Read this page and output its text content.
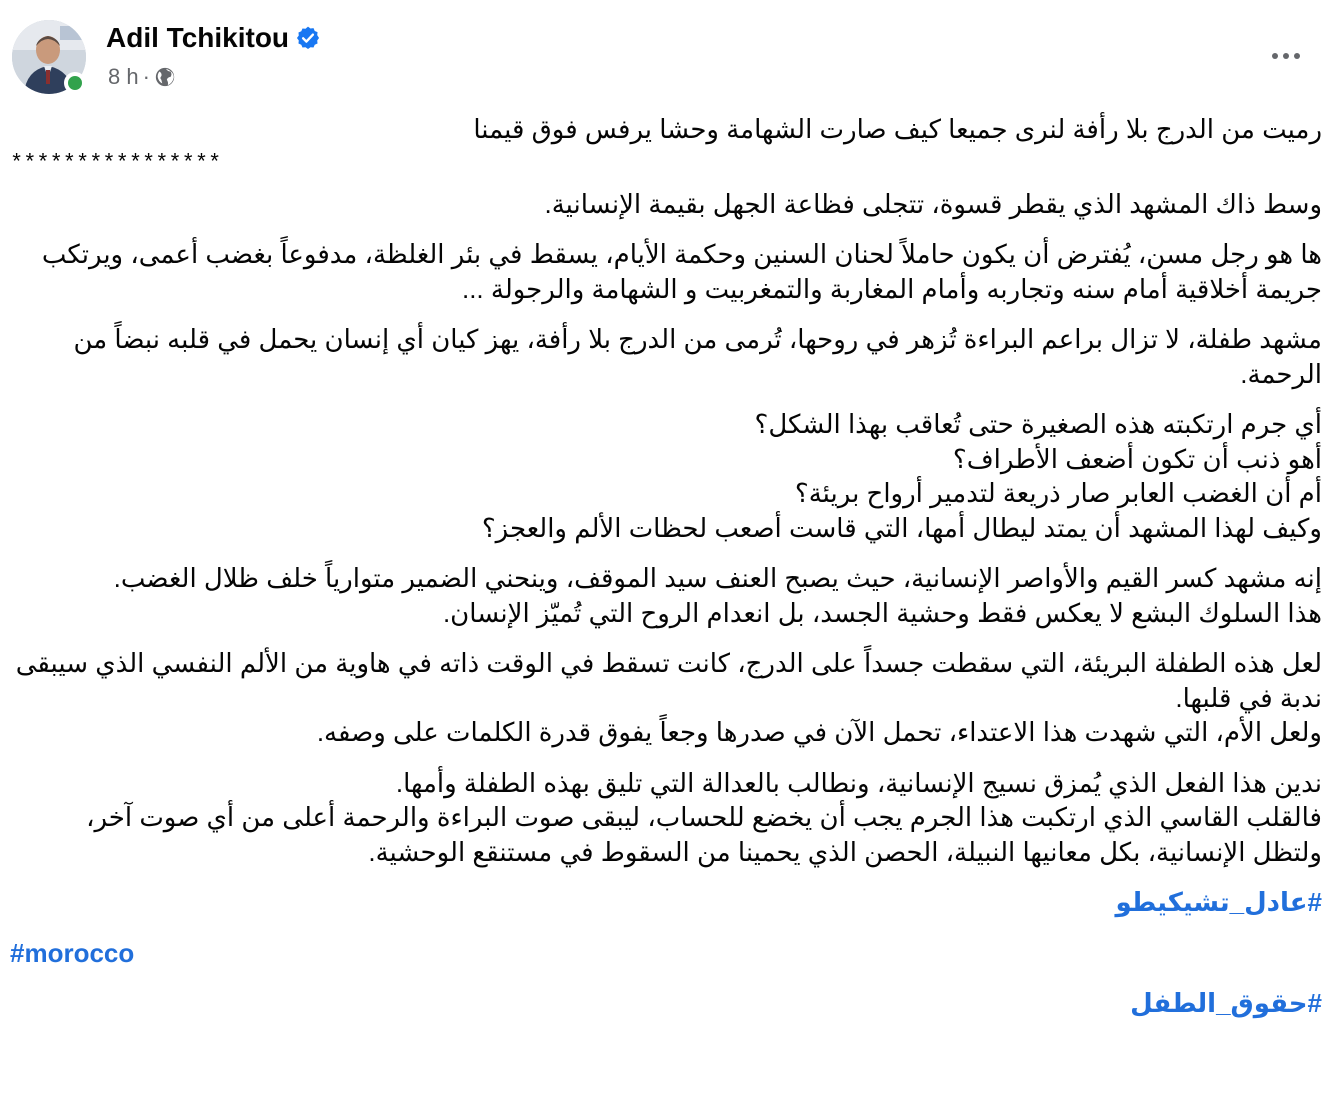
Adil Tchikitou
8 h ·
رميت من الدرج بلا رأفة لنرى جميعا كيف صارت الشهامة وحشا يرفس فوق قيمنا
****************
وسط ذاك المشهد الذي يقطر قسوة، تتجلى فظاعة الجهل بقيمة الإنسانية.
ها هو رجل مسن، يُفترض أن يكون حاملاً لحنان السنين وحكمة الأيام، يسقط في بئر الغلظة، مدفوعاً بغضب أعمى، ويرتكب جريمة أخلاقية أمام سنه وتجاربه وأمام المغاربة والتمغربيت و الشهامة والرجولة ...
مشهد طفلة، لا تزال براعم البراءة تُزهر في روحها، تُرمى من الدرج بلا رأفة، يهز كيان أي إنسان يحمل في قلبه نبضاً من الرحمة.
أي جرم ارتكبته هذه الصغيرة حتى تُعاقب بهذا الشكل؟
أهو ذنب أن تكون أضعف الأطراف؟
أم أن الغضب العابر صار ذريعة لتدمير أرواح بريئة؟
وكيف لهذا المشهد أن يمتد ليطال أمها، التي قاست أصعب لحظات الألم والعجز؟
إنه مشهد كسر القيم والأواصر الإنسانية، حيث يصبح العنف سيد الموقف، وينحني الضمير متوارياً خلف ظلال الغضب.
هذا السلوك البشع لا يعكس فقط وحشية الجسد، بل انعدام الروح التي تُميّز الإنسان.
لعل هذه الطفلة البريئة، التي سقطت جسداً على الدرج، كانت تسقط في الوقت ذاته في هاوية من الألم النفسي الذي سيبقى ندبة في قلبها.
ولعل الأم، التي شهدت هذا الاعتداء، تحمل الآن في صدرها وجعاً يفوق قدرة الكلمات على وصفه.
ندين هذا الفعل الذي يُمزق نسيج الإنسانية، ونطالب بالعدالة التي تليق بهذه الطفلة وأمها.
فالقلب القاسي الذي ارتكبت هذا الجرم يجب أن يخضع للحساب، ليبقى صوت البراءة والرحمة أعلى من أي صوت آخر، ولتظل الإنسانية، بكل معانيها النبيلة، الحصن الذي يحمينا من السقوط في مستنقع الوحشية.
#عادل_تشيكيطو
#morocco
#حقوق_الطفل
